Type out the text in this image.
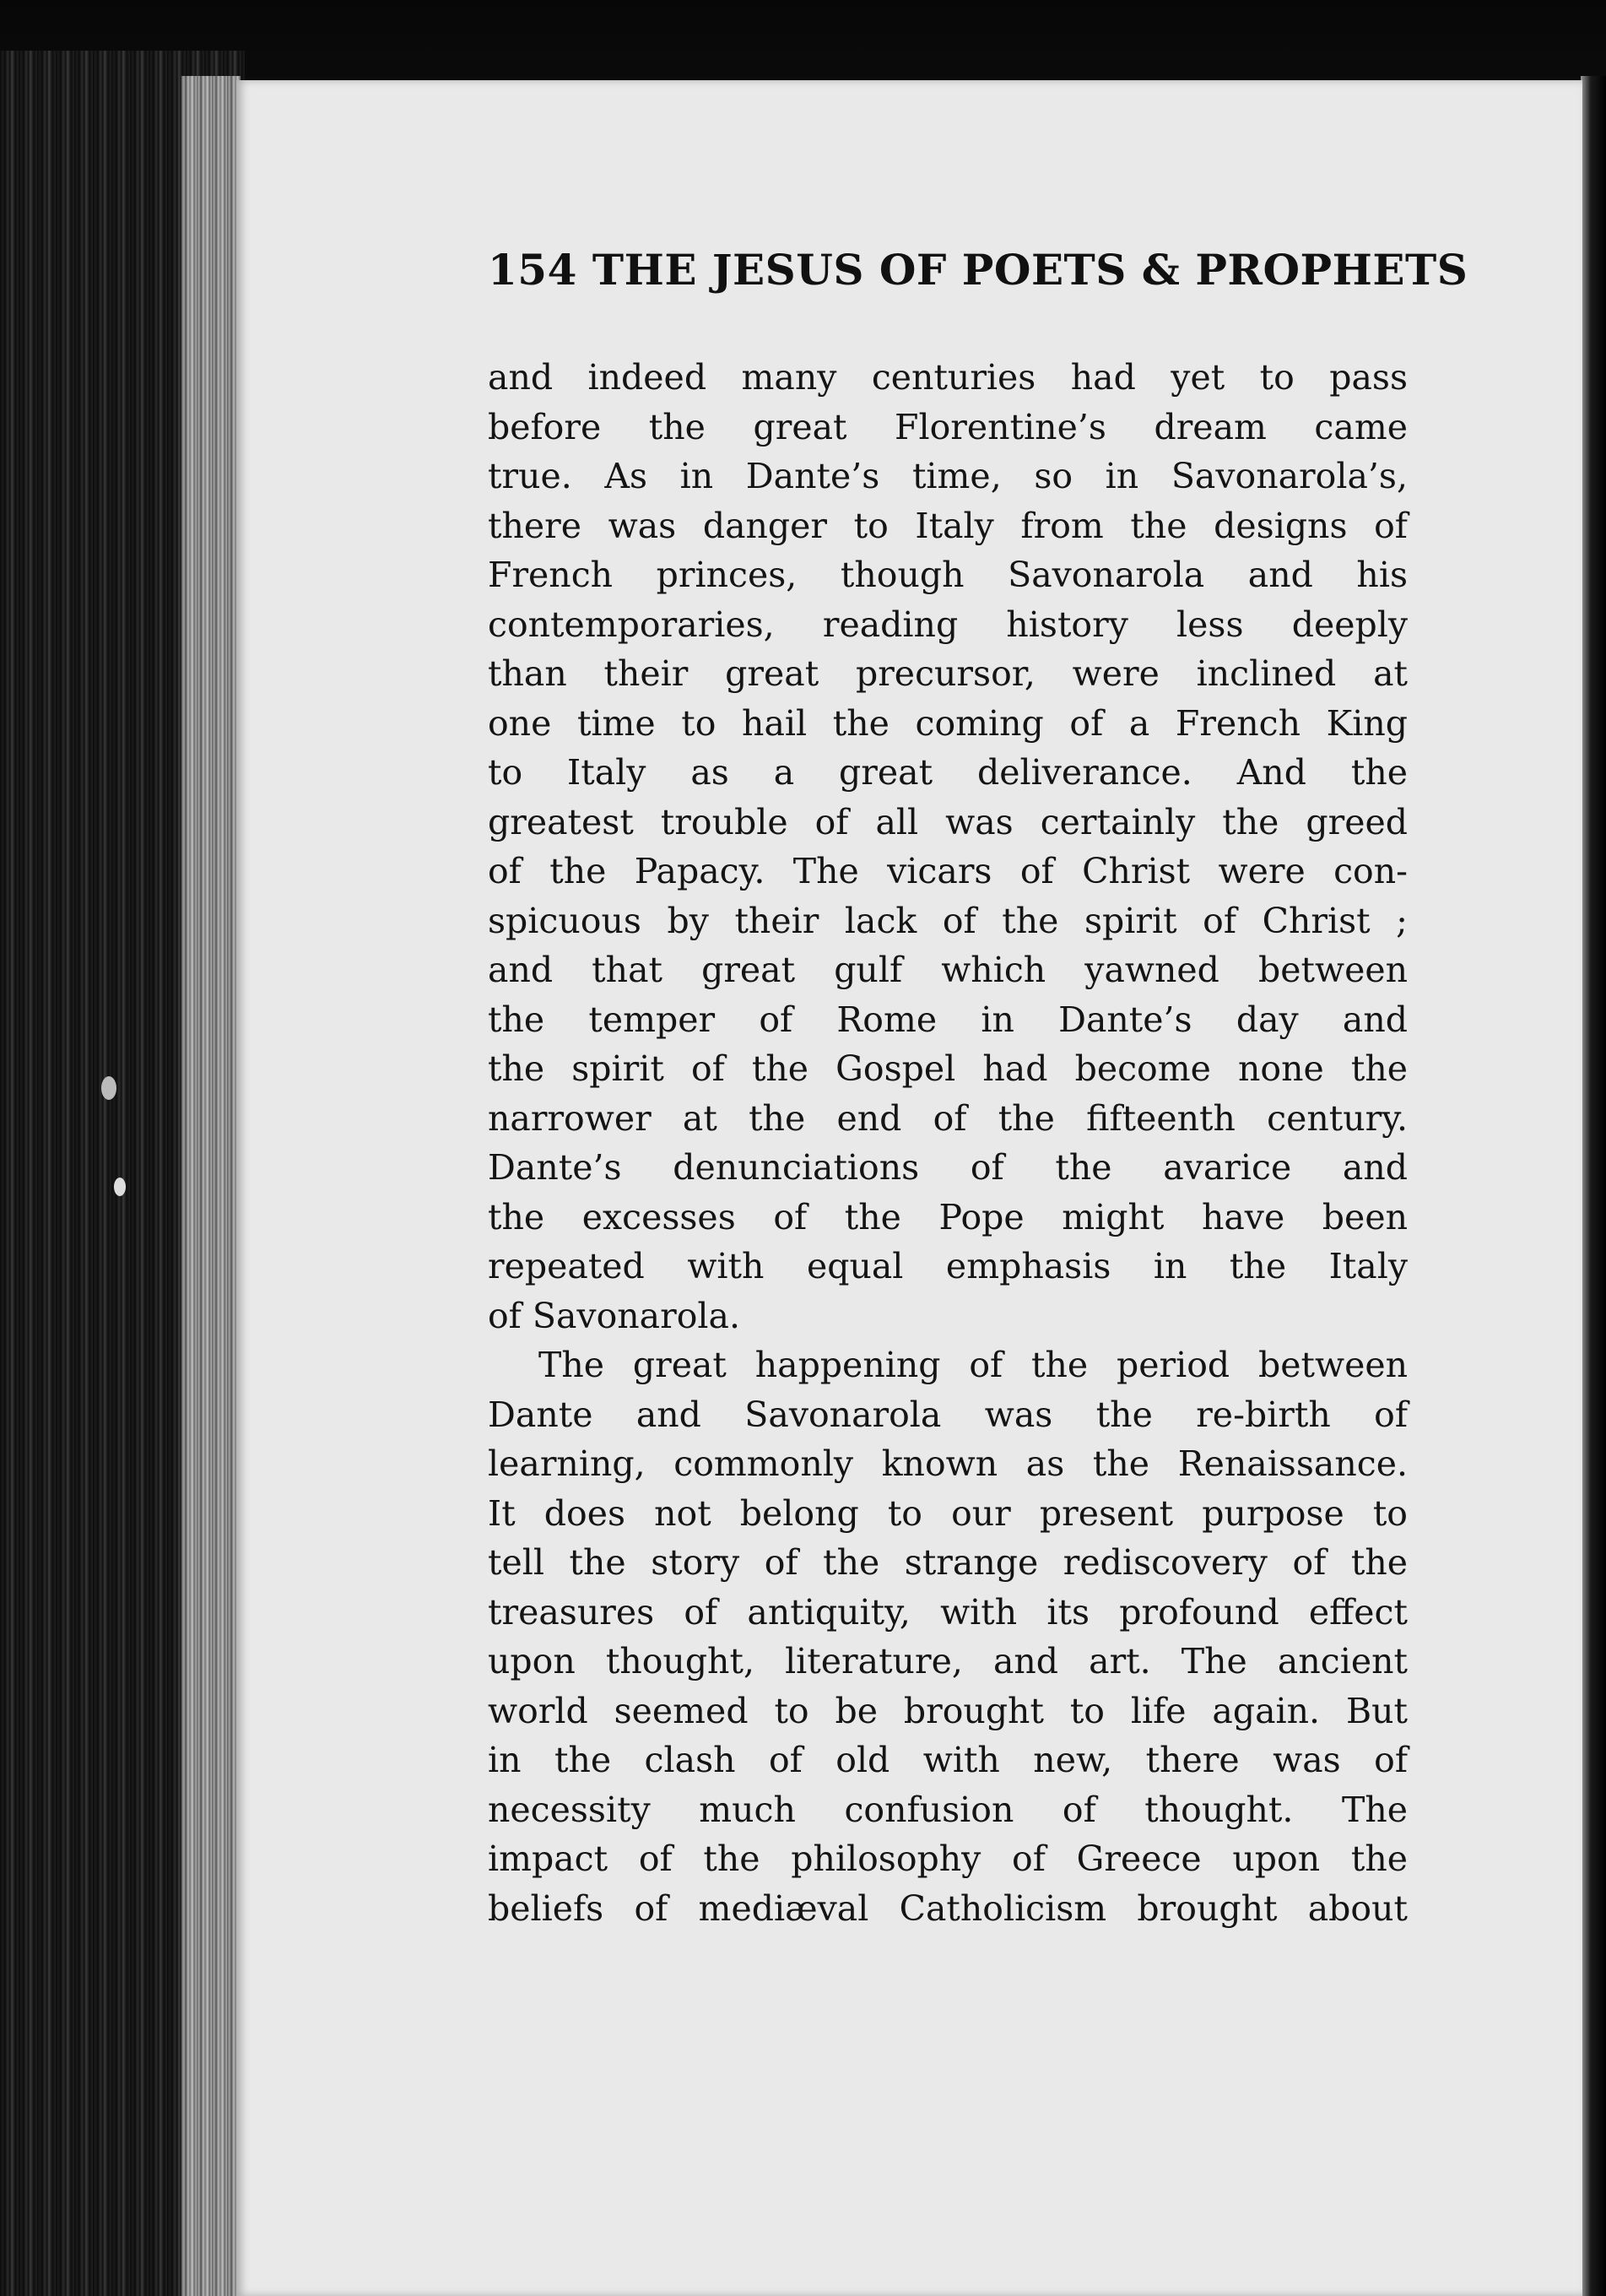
154 THE JESUS OF POETS & PROPHETS
and indeed many centuries had yet to pass
before the great Florentine’s dream came
true. As in Dante’s time, so in Savonarola’s,
there was danger to Italy from the designs of
French princes, though Savonarola and his
contemporaries, reading history less deeply
than their great precursor, were inclined at
one time to hail the coming of a French King
to Italy as a great deliverance. And the
greatest trouble of all was certainly the greed
of the Papacy. The vicars of Christ were con-
spicuous by their lack of the spirit of Christ ;
and that great gulf which yawned between
the temper of Rome in Dante’s day and
the spirit of the Gospel had become none the
narrower at the end of the fifteenth century.
Dante’s denunciations of the avarice and
the excesses of the Pope might have been
repeated with equal emphasis in the Italy
of Savonarola.
The great happening of the period between
Dante and Savonarola was the re-birth of
learning, commonly known as the Renaissance.
It does not belong to our present purpose to
tell the story of the strange rediscovery of the
treasures of antiquity, with its profound effect
upon thought, literature, and art. The ancient
world seemed to be brought to life again. But
in the clash of old with new, there was of
necessity much confusion of thought. The
impact of the philosophy of Greece upon the
beliefs of mediæval Catholicism brought about
